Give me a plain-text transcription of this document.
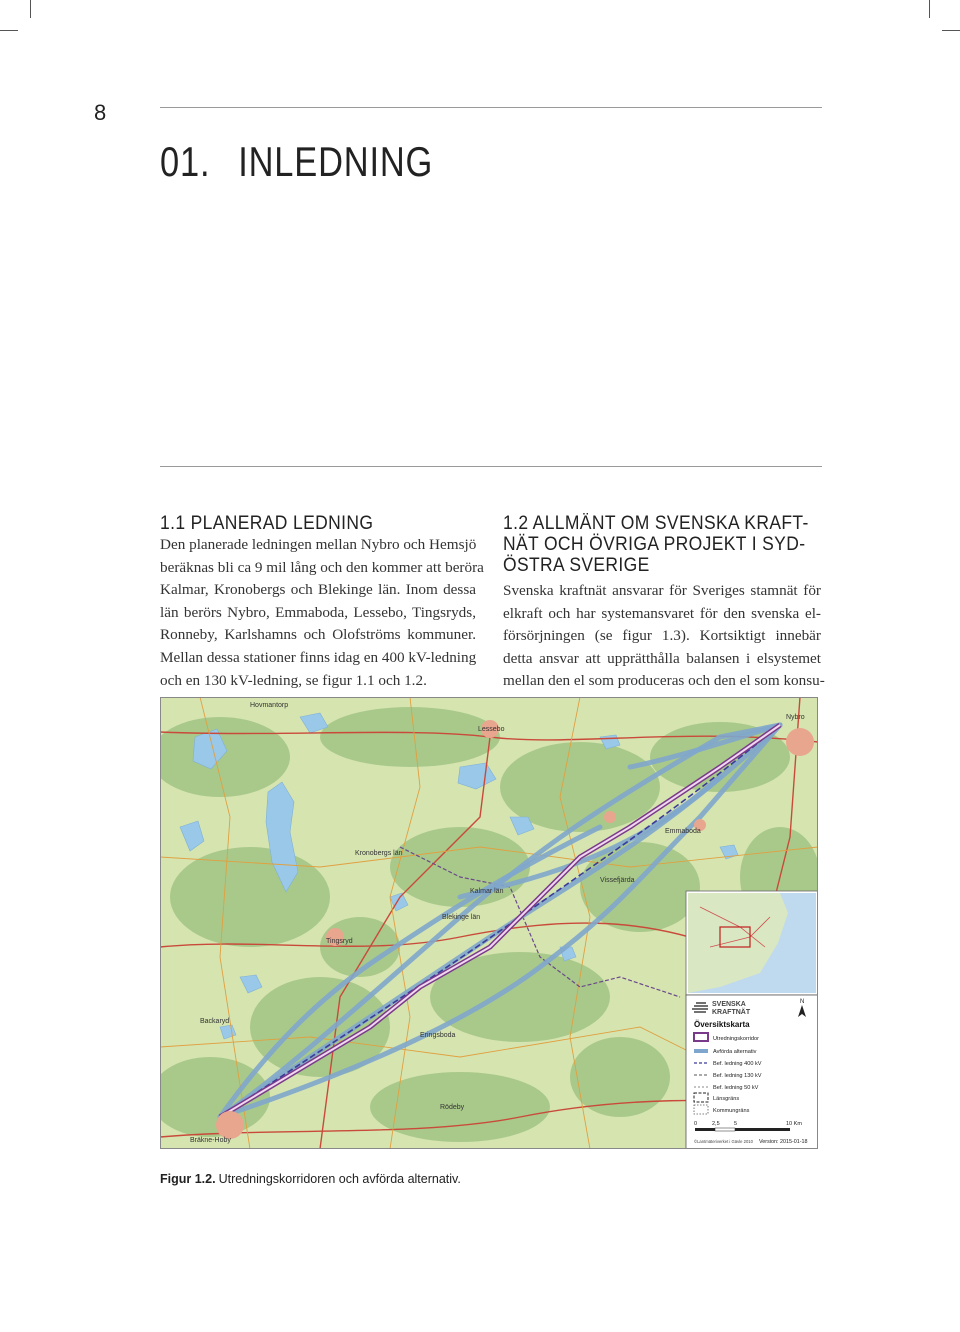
8
01. INLEDNING
1.1 PLANERAD LEDNING
Den planerade ledningen mellan Nybro och Hemsjö
beräknas bli ca 9 mil lång och den kommer att beröra
Kalmar, Kronobergs och Blekinge län. Inom dessa
län berörs Nybro, Emmaboda, Lessebo, Tingsryds,
Ronneby, Karlshamns och Olofströms kommuner.
Mellan dessa stationer finns idag en 400 kV-ledning
och en 130 kV-ledning, se figur 1.1 och 1.2.
1.2 ALLMÄNT OM SVENSKA KRAFT-
NÄT OCH ÖVRIGA PROJEKT I SYD-
ÖSTRA SVERIGE
Svenska kraftnät ansvarar för Sveriges stamnät för
elkraft och har systemansvaret för den svenska el-
försörjningen (se figur 1.3). Kortsiktigt innebär
detta ansvar att upprätthålla balansen i elsystemet
mellan den el som produceras och den el som konsu-
Hovmantorp
Lessebo
Kronobergs län
Tingsryd
Kalmar län
Blekinge län
Vissefjärda
Emmaboda
Nybro
Backaryd
Bräkne-Hoby
Eringsboda
Rödeby
SVENSKA
KRAFTNÄT
N
Översiktskarta
Utredningskorridor
Avförda alternativ
Bef. ledning 400 kV
Bef. ledning 130 kV
Bef. ledning 50 kV
Länsgräns
Kommungräns
0	2,5	5	10 Km
©Lantmäteriverket i Gävle 2010 Version: 2015-01-18
Figur 1.2. Utredningskorridoren och avförda alternativ.
